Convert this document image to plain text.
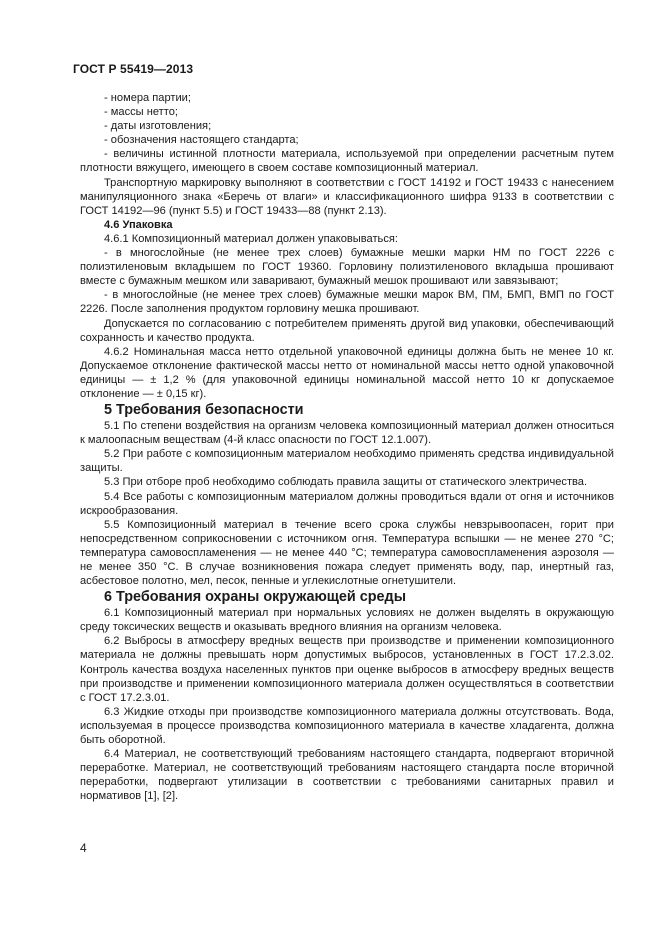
ГОСТ Р 55419—2013

- номера партии;

- массы нетто;

- даты изготовления;

- обозначения настоящего стандарта;

- величины истинной плотности материала, используемой при определении расчетным путем плотности вяжущего, имеющего в своем составе композиционный материал.

Транспортную маркировку выполняют в соответствии с ГОСТ 14192 и ГОСТ 19433 с нанесением манипуляционного знака «Беречь от влаги» и классификационного шифра 9133 в соответствии с ГОСТ 14192—96 (пункт 5.5) и ГОСТ 19433—88 (пункт 2.13).

4.6 Упаковка

4.6.1 Композиционный материал должен упаковываться:

- в многослойные (не менее трех слоев) бумажные мешки марки НМ по ГОСТ 2226 с полиэтиленовым вкладышем по ГОСТ 19360. Горловину полиэтиленового вкладыша прошивают вместе с бумажным мешком или заваривают, бумажный мешок прошивают или завязывают;

- в многослойные (не менее трех слоев) бумажные мешки марок ВМ, ПМ, БМП, ВМП по ГОСТ 2226. После заполнения продуктом горловину мешка прошивают.

Допускается по согласованию с потребителем применять другой вид упаковки, обеспечивающий сохранность и качество продукта.

4.6.2 Номинальная масса нетто отдельной упаковочной единицы должна быть не менее 10 кг. Допускаемое отклонение фактической массы нетто от номинальной массы нетто одной упаковочной единицы — ± 1,2 % (для упаковочной единицы номинальной массой нетто 10 кг допускаемое отклонение — ± 0,15 кг).

5 Требования безопасности

5.1 По степени воздействия на организм человека композиционный материал должен относиться к малоопасным веществам (4-й класс опасности по ГОСТ 12.1.007).

5.2 При работе с композиционным материалом необходимо применять средства индивидуальной защиты.

5.3 При отборе проб необходимо соблюдать правила защиты от статического электричества.

5.4 Все работы с композиционным материалом должны проводиться вдали от огня и источников искрообразования.

5.5 Композиционный материал в течение всего срока службы невзрывоопасен, горит при непосредственном соприкосновении с источником огня. Температура вспышки — не менее 270 °С; температура самовоспламенения — не менее 440 °С; температура самовоспламенения аэрозоля — не менее 350 °С. В случае возникновения пожара следует применять воду, пар, инертный газ, асбестовое полотно, мел, песок, пенные и углекислотные огнетушители.

6 Требования охраны окружающей среды

6.1 Композиционный материал при нормальных условиях не должен выделять в окружающую среду токсических веществ и оказывать вредного влияния на организм человека.

6.2 Выбросы в атмосферу вредных веществ при производстве и применении композиционного материала не должны превышать норм допустимых выбросов, установленных в ГОСТ 17.2.3.02. Контроль качества воздуха населенных пунктов при оценке выбросов в атмосферу вредных веществ при производстве и применении композиционного материала должен осуществляться в соответствии с ГОСТ 17.2.3.01.

6.3 Жидкие отходы при производстве композиционного материала должны отсутствовать. Вода, используемая в процессе производства композиционного материала в качестве хладагента, должна быть оборотной.

6.4 Материал, не соответствующий требованиям настоящего стандарта, подвергают вторичной переработке. Материал, не соответствующий требованиям настоящего стандарта после вторичной переработки, подвергают утилизации в соответствии с требованиями санитарных правил и нормативов [1], [2].

4
